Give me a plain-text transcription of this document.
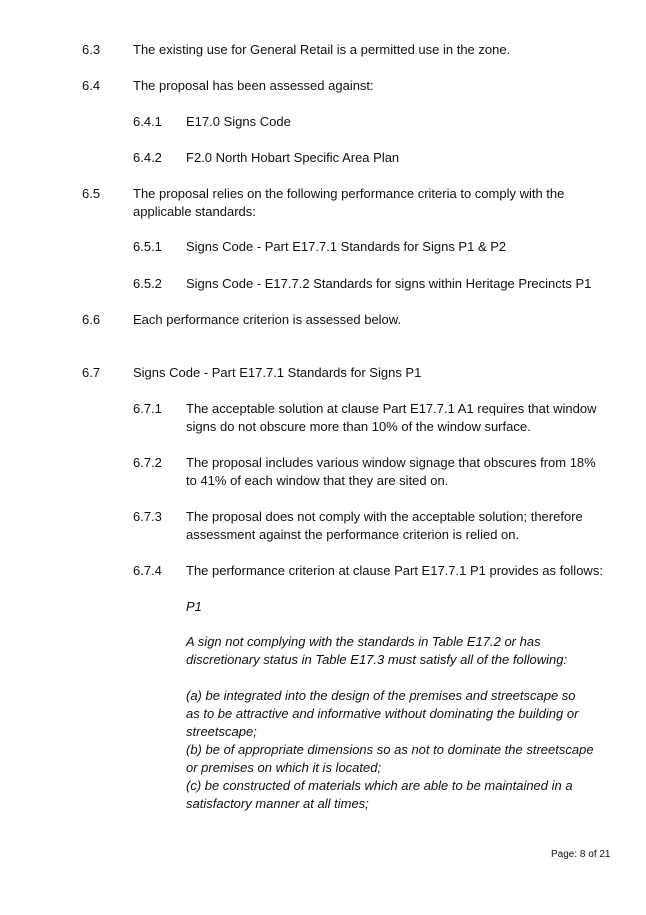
6.3	The existing use for General Retail is a permitted use in the zone.
6.4	The proposal has been assessed against:
6.4.1 E17.0 Signs Code
6.4.2 F2.0 North Hobart Specific Area Plan
6.5	The proposal relies on the following performance criteria to comply with the applicable standards:
6.5.1 Signs Code - Part E17.7.1 Standards for Signs P1 & P2
6.5.2 Signs Code - E17.7.2 Standards for signs within Heritage Precincts P1
6.6	Each performance criterion is assessed below.
6.7	Signs Code - Part E17.7.1 Standards for Signs P1
6.7.1 The acceptable solution at clause Part E17.7.1 A1 requires that window signs do not obscure more than 10% of the window surface.
6.7.2 The proposal includes various window signage that obscures from 18% to 41% of each window that they are sited on.
6.7.3 The proposal does not comply with the acceptable solution; therefore assessment against the performance criterion is relied on.
6.7.4 The performance criterion at clause Part E17.7.1 P1 provides as follows:
P1
A sign not complying with the standards in Table E17.2 or has discretionary status in Table E17.3 must satisfy all of the following:
(a) be integrated into the design of the premises and streetscape so as to be attractive and informative without dominating the building or streetscape;
(b) be of appropriate dimensions so as not to dominate the streetscape or premises on which it is located;
(c) be constructed of materials which are able to be maintained in a satisfactory manner at all times;
Page: 8 of 21
